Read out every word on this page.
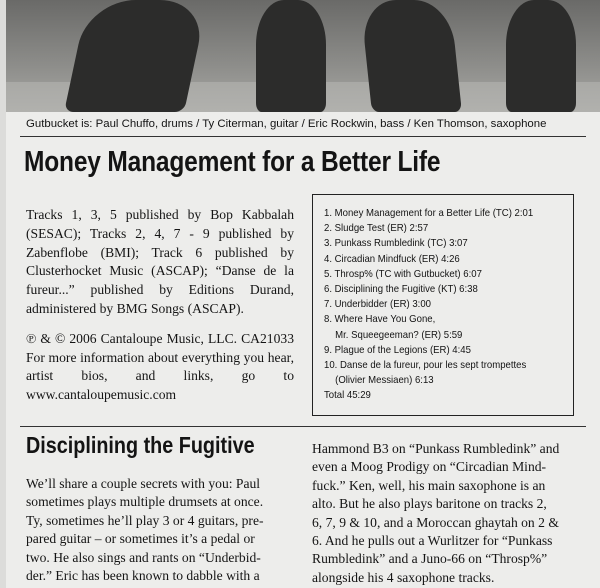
Gutbucket is: Paul Chuffo, drums / Ty Citerman, guitar / Eric Rockwin, bass / Ken Thomson, saxophone
Money Management for a Better Life

Tracks 1, 3, 5 published by Bop Kabbalah (SESAC); Tracks 2, 4, 7 - 9 published by Zabenflobe (BMI); Track 6 published by Clusterhocket Music (ASCAP); “Danse de la fureur...” published by Editions Durand, administered by BMG Songs (ASCAP).

℗ & © 2006 Cantaloupe Music, LLC. CA21033 For more information about everything you hear, artist bios, and links, go to www.cantaloupemusic.com

1. Money Management for a Better Life (TC) 2:01
2. Sludge Test (ER) 2:57
3. Punkass Rumbledink (TC) 3:07
4. Circadian Mindfuck (ER) 4:26
5. Throsp% (TC with Gutbucket) 6:07
6. Disciplining the Fugitive (KT) 6:38
7. Underbidder (ER) 3:00
8. Where Have You Gone,
Mr. Squeegeeman? (ER) 5:59
9. Plague of the Legions (ER) 4:45
10. Danse de la fureur, pour les sept trompettes
(Olivier Messiaen) 6:13
Total 45:29
Disciplining the Fugitive
We’ll share a couple secrets with you: Paul
sometimes plays multiple drumsets at once.
Ty, sometimes he’ll play 3 or 4 guitars, pre-
pared guitar – or sometimes it’s a pedal or
two. He also sings and rants on “Underbid-
der.” Eric has been known to dabble with a
Hammond B3 on “Punkass Rumbledink” and
even a Moog Prodigy on “Circadian Mind-
fuck.” Ken, well, his main saxophone is an
alto. But he also plays baritone on tracks 2,
6, 7, 9 & 10, and a Moroccan ghaytah on 2 &
6. And he pulls out a Wurlitzer for “Punkass
Rumbledink” and a Juno-66 on “Throsp%”
alongside his 4 saxophone tracks.
